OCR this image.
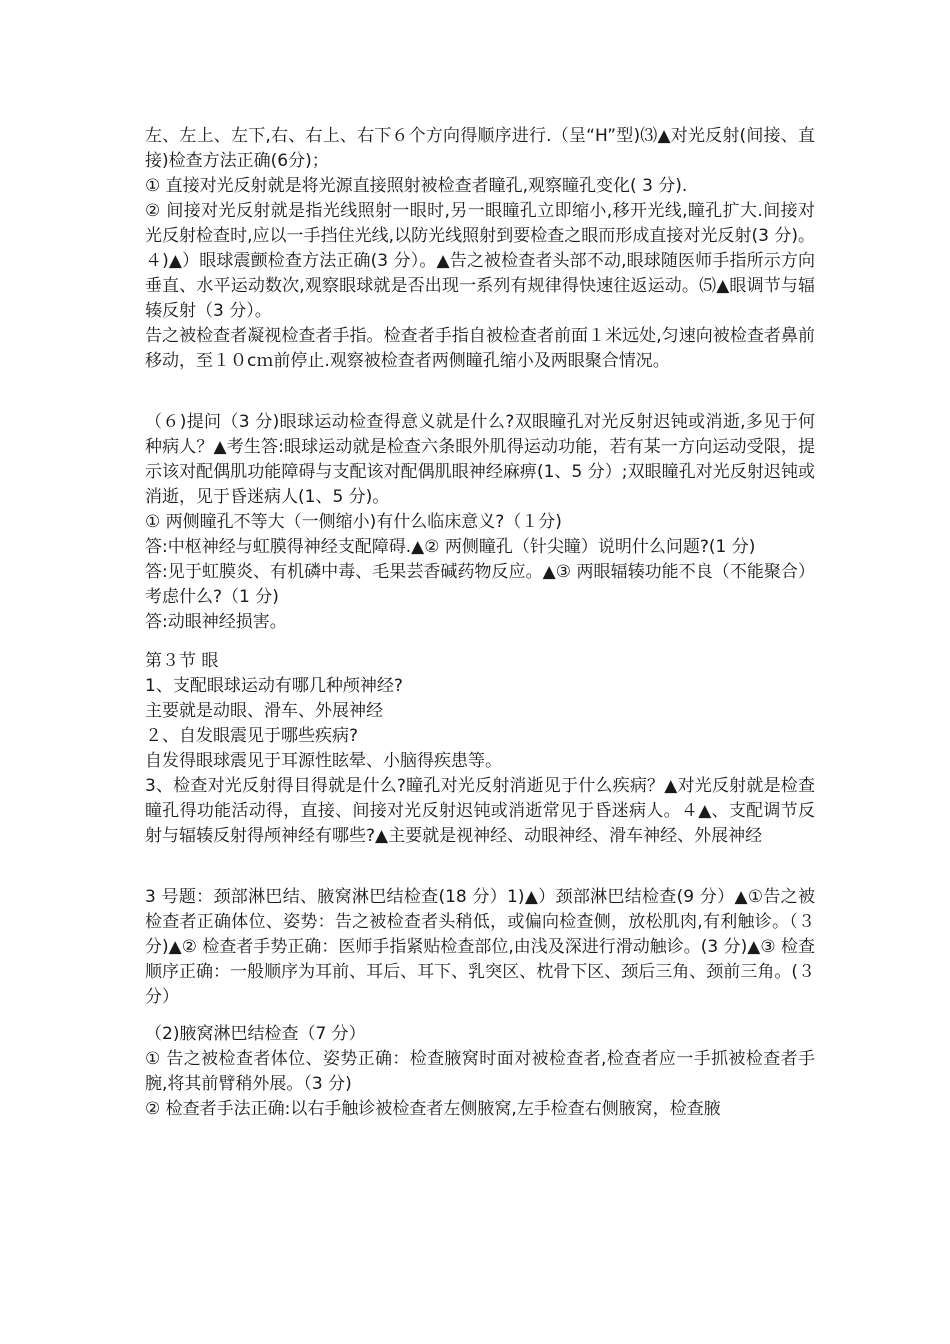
左、左上、左下,右、右上、右下６个方向得顺序进行.（呈“H”型)⑶▲对光反射(间接、直接)检查方法正确(6分)；

① 直接对光反射就是将光源直接照射被检查者瞳孔,观察瞳孔变化( 3 分).

② 间接对光反射就是指光线照射一眼时,另一眼瞳孔立即缩小,移开光线,瞳孔扩大.间接对光反射检查时,应以一手挡住光线,以防光线照射到要检查之眼而形成直接对光反射(3 分)。４)▲）眼球震颤检查方法正确(3 分）。▲告之被检查者头部不动,眼球随医师手指所示方向垂直、水平运动数次,观察眼球就是否出现一系列有规律得快速往返运动。⑸▲眼调节与辐辏反射（3 分）。

告之被检查者凝视检查者手指。检查者手指自被检查者前面１米远处,匀速向被检查者鼻前移动，至１０cｍ前停止.观察被检查者两侧瞳孔缩小及两眼聚合情况。

（６)提问（3 分)眼球运动检查得意义就是什么?双眼瞳孔对光反射迟钝或消逝,多见于何种病人？▲考生答:眼球运动就是检查六条眼外肌得运动功能，若有某一方向运动受限，提示该对配偶肌功能障碍与支配该对配偶肌眼神经麻痹(1、5 分）;双眼瞳孔对光反射迟钝或消逝，见于昏迷病人(1、5 分)。

① 两侧瞳孔不等大（一侧缩小)有什么临床意义?（１分)

答:中枢神经与虹膜得神经支配障碍.▲② 两侧瞳孔（针尖瞳）说明什么问题?(1 分)

答:见于虹膜炎、有机磷中毒、毛果芸香碱药物反应。▲③ 两眼辐辏功能不良（不能聚合）考虑什么?（1 分)

答:动眼神经损害。

第３节 眼

1、支配眼球运动有哪几种颅神经?

主要就是动眼、滑车、外展神经

２、自发眼震见于哪些疾病?

自发得眼球震见于耳源性眩晕、小脑得疾患等。

3、检查对光反射得目得就是什么?瞳孔对光反射消逝见于什么疾病？▲对光反射就是检查瞳孔得功能活动得，直接、间接对光反射迟钝或消逝常见于昏迷病人。４▲、支配调节反射与辐辏反射得颅神经有哪些?▲主要就是视神经、动眼神经、滑车神经、外展神经

3 号题：颈部淋巴结、腋窝淋巴结检查(18 分）1)▲）颈部淋巴结检查(9 分）▲①告之被检查者正确体位、姿势：告之被检查者头稍低，或偏向检查侧，放松肌肉,有利触诊。（３分)▲② 检查者手势正确：医师手指紧贴检查部位,由浅及深进行滑动触诊。(3 分)▲③ 检查顺序正确：一般顺序为耳前、耳后、耳下、乳突区、枕骨下区、颈后三角、颈前三角。(３分）

（2)腋窝淋巴结检查（7 分）

① 告之被检查者体位、姿势正确：检查腋窝时面对被检查者,检查者应一手抓被检查者手腕,将其前臂稍外展。（3 分)

② 检查者手法正确:以右手触诊被检查者左侧腋窝,左手检查右侧腋窝，检查腋
